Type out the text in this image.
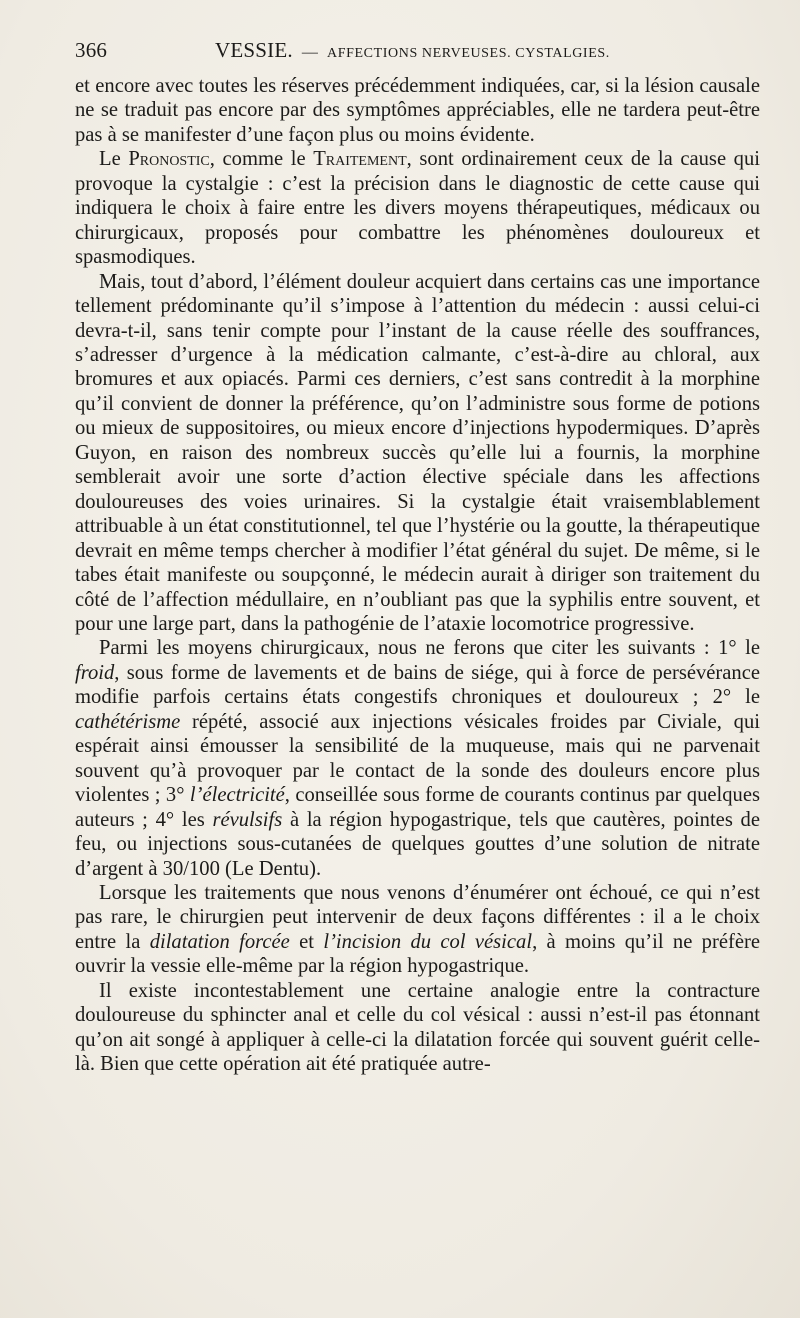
366	VESSIE. — AFFECTIONS NERVEUSES. CYSTALGIES.

et encore avec toutes les réserves précédemment indiquées, car, si la lésion causale ne se traduit pas encore par des symptômes appréciables, elle ne tardera peut-être pas à se manifester d’une façon plus ou moins évidente.

Le Pronostic, comme le Traitement, sont ordinairement ceux de la cause qui provoque la cystalgie : c’est la précision dans le diagnostic de cette cause qui indiquera le choix à faire entre les divers moyens thérapeutiques, médicaux ou chirurgicaux, proposés pour combattre les phénomènes douloureux et spasmodiques.

Mais, tout d’abord, l’élément douleur acquiert dans certains cas une importance tellement prédominante qu’il s’impose à l’attention du médecin : aussi celui-ci devra-t-il, sans tenir compte pour l’instant de la cause réelle des souffrances, s’adresser d’urgence à la médication calmante, c’est-à-dire au chloral, aux bromures et aux opiacés. Parmi ces derniers, c’est sans contredit à la morphine qu’il convient de donner la préférence, qu’on l’administre sous forme de potions ou mieux de suppositoires, ou mieux encore d’injections hypodermiques. D’après Guyon, en raison des nombreux succès qu’elle lui a fournis, la morphine semblerait avoir une sorte d’action élective spéciale dans les affections douloureuses des voies urinaires. Si la cystalgie était vraisemblablement attribuable à un état constitutionnel, tel que l’hystérie ou la goutte, la thérapeutique devrait en même temps chercher à modifier l’état général du sujet. De même, si le tabes était manifeste ou soupçonné, le médecin aurait à diriger son traitement du côté de l’affection médullaire, en n’oubliant pas que la syphilis entre souvent, et pour une large part, dans la pathogénie de l’ataxie locomotrice progressive.

Parmi les moyens chirurgicaux, nous ne ferons que citer les suivants : 1° le froid, sous forme de lavements et de bains de siége, qui à force de persévérance modifie parfois certains états congestifs chroniques et douloureux ; 2° le cathétérisme répété, associé aux injections vésicales froides par Civiale, qui espérait ainsi émousser la sensibilité de la muqueuse, mais qui ne parvenait souvent qu’à provoquer par le contact de la sonde des douleurs encore plus violentes ; 3° l’électricité, conseillée sous forme de courants continus par quelques auteurs ; 4° les révulsifs à la région hypogastrique, tels que cautères, pointes de feu, ou injections sous-cutanées de quelques gouttes d’une solution de nitrate d’argent à 30/100 (Le Dentu).

Lorsque les traitements que nous venons d’énumérer ont échoué, ce qui n’est pas rare, le chirurgien peut intervenir de deux façons différentes : il a le choix entre la dilatation forcée et l’incision du col vésical, à moins qu’il ne préfère ouvrir la vessie elle-même par la région hypogastrique.

Il existe incontestablement une certaine analogie entre la contracture douloureuse du sphincter anal et celle du col vésical : aussi n’est-il pas étonnant qu’on ait songé à appliquer à celle-ci la dilatation forcée qui souvent guérit celle-là. Bien que cette opération ait été pratiquée autre-
